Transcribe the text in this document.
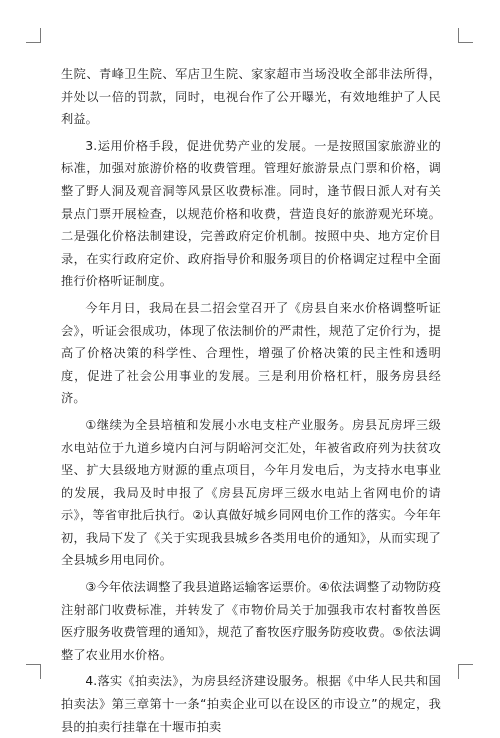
生院、青峰卫生院、军店卫生院、家家超市当场没收全部非法所得，并处以一倍的罚款，同时，电视台作了公开曝光，有效地维护了人民利益。

3.运用价格手段，促进优势产业的发展。一是按照国家旅游业的标准，加强对旅游价格的收费管理。管理好旅游景点门票和价格，调整了野人洞及观音洞等风景区收费标准。同时，逢节假日派人对有关景点门票开展检查，以规范价格和收费，营造良好的旅游观光环境。二是强化价格法制建设，完善政府定价机制。按照中央、地方定价目录，在实行政府定价、政府指导价和服务项目的价格调定过程中全面推行价格听证制度。

今年月日，我局在县二招会堂召开了《房县自来水价格调整听证会》，听证会很成功，体现了依法制价的严肃性，规范了定价行为，提高了价格决策的科学性、合理性，增强了价格决策的民主性和透明度，促进了社会公用事业的发展。三是利用价格杠杆，服务房县经济。

①继续为全县培植和发展小水电支柱产业服务。房县瓦房坪三级水电站位于九道乡境内白河与阴峪河交汇处，年被省政府列为扶贫攻坚、扩大县级地方财源的重点项目，今年月发电后，为支持水电事业的发展，我局及时申报了《房县瓦房坪三级水电站上省网电价的请示》，等省审批后执行。②认真做好城乡同网电价工作的落实。今年年初，我局下发了《关于实现我县城乡各类用电价的通知》，从而实现了全县城乡用电同价。

③今年依法调整了我县道路运输客运票价。④依法调整了动物防疫注射部门收费标准，并转发了《市物价局关于加强我市农村畜牧兽医医疗服务收费管理的通知》，规范了畜牧医疗服务防疫收费。⑤依法调整了农业用水价格。

4.落实《拍卖法》，为房县经济建设服务。根据《中华人民共和国拍卖法》第三章第十一条“拍卖企业可以在设区的市设立”的规定，我县的拍卖行挂靠在十堰市拍卖
